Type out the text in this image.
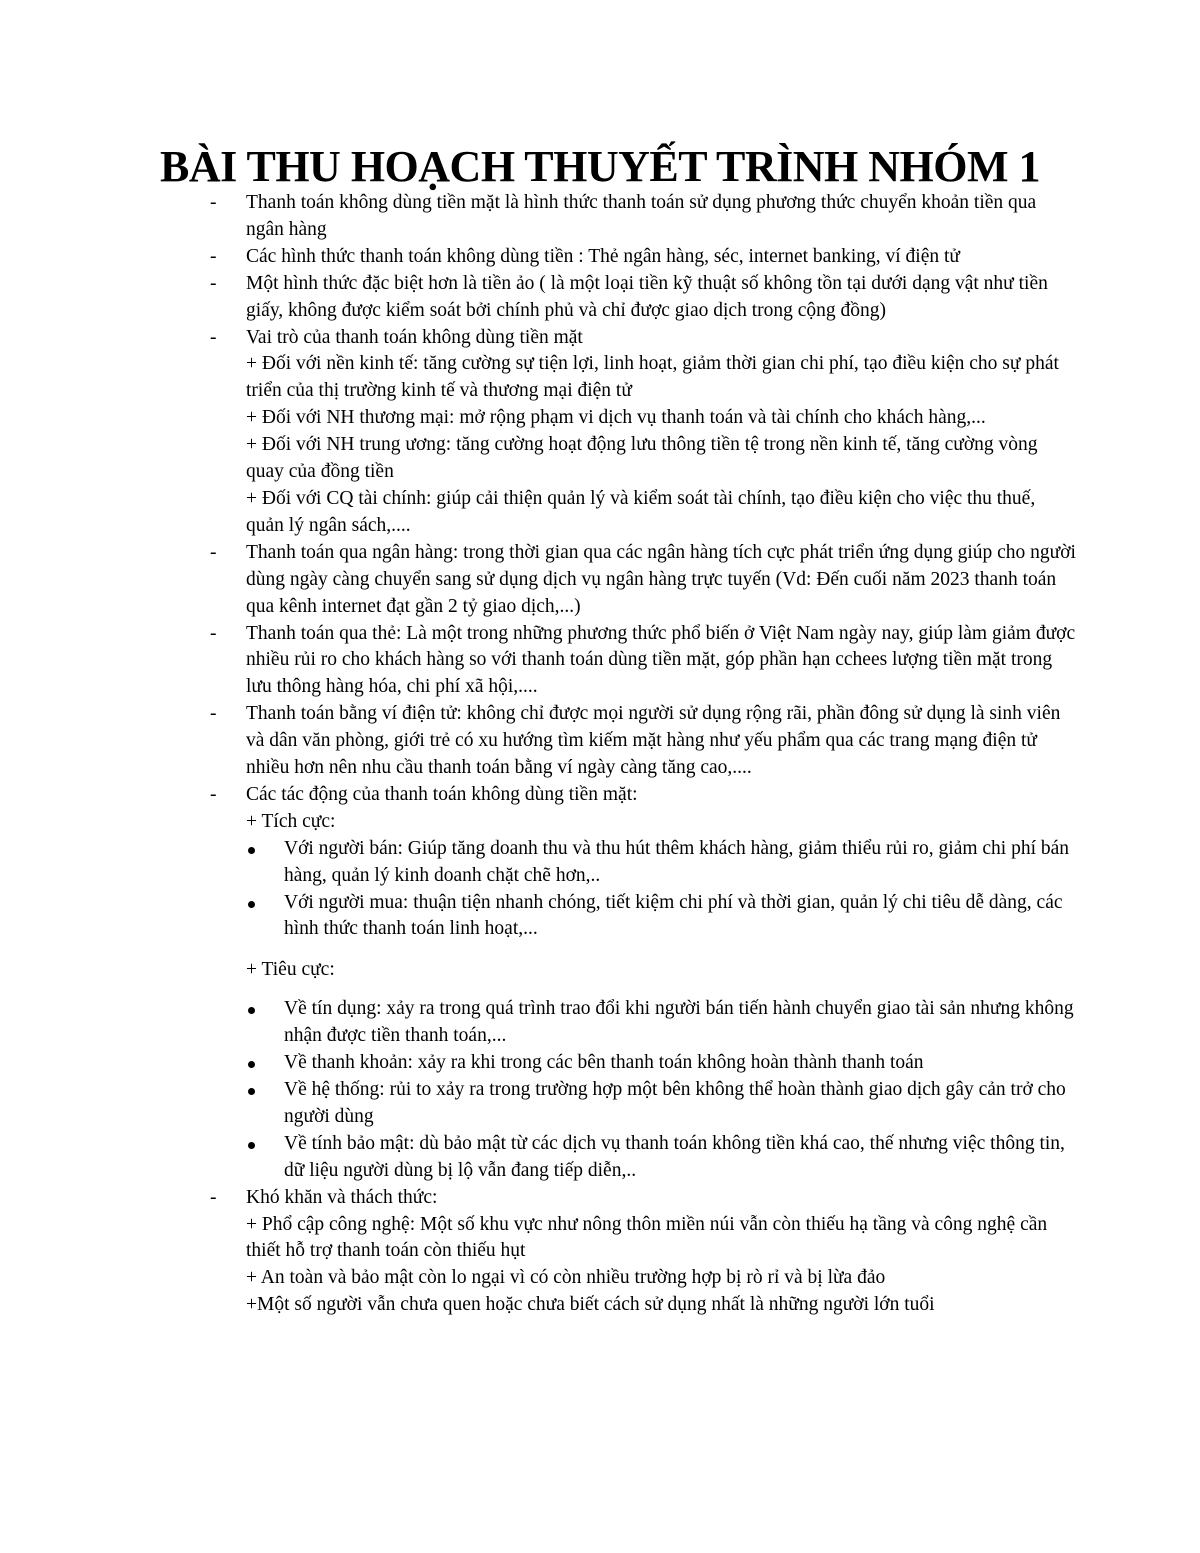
BÀI THU HOẠCH THUYẾT TRÌNH NHÓM 1
- Thanh toán không dùng tiền mặt là hình thức thanh toán sử dụng phương thức chuyển khoản tiền qua ngân hàng
- Các hình thức thanh toán không dùng tiền : Thẻ ngân hàng, séc, internet banking, ví điện tử
- Một hình thức đặc biệt hơn là tiền ảo ( là một loại tiền kỹ thuật số không tồn tại dưới dạng vật như tiền giấy, không được kiểm soát bởi chính phủ và chỉ được giao dịch trong cộng đồng)
- Vai trò của thanh toán không dùng tiền mặt
+ Đối với nền kinh tế: tăng cường sự tiện lợi, linh hoạt, giảm thời gian chi phí, tạo điều kiện cho sự phát triển của thị trường kinh tế và thương mại điện tử
+ Đối với NH thương mại: mở rộng phạm vi dịch vụ thanh toán và tài chính cho khách hàng,...
+ Đối với NH trung ương: tăng cường hoạt động lưu thông tiền tệ trong nền kinh tế, tăng cường vòng quay của đồng tiền
+ Đối với CQ tài chính: giúp cải thiện quản lý và kiểm soát tài chính, tạo điều kiện cho việc thu thuế, quản lý ngân sách,....
- Thanh toán qua ngân hàng: trong thời gian qua các ngân hàng tích cực phát triển ứng dụng giúp cho người dùng ngày càng chuyển sang sử dụng dịch vụ ngân hàng trực tuyến (Vd: Đến cuối năm 2023 thanh toán qua kênh internet đạt gần 2 tỷ giao dịch,...)
- Thanh toán qua thẻ: Là một trong những phương thức phổ biến ở Việt Nam ngày nay, giúp làm giảm được nhiều rủi ro cho khách hàng so với thanh toán dùng tiền mặt, góp phần hạn cchees lượng tiền mặt trong lưu thông hàng hóa, chi phí xã hội,....
- Thanh toán bằng ví điện tử: không chỉ được mọi người sử dụng rộng rãi, phần đông sử dụng là sinh viên và dân văn phòng, giới trẻ có xu hướng tìm kiếm mặt hàng như yếu phẩm qua các trang mạng điện tử nhiều hơn nên nhu cầu thanh toán bằng ví ngày càng tăng cao,....
- Các tác động của thanh toán không dùng tiền mặt:
+ Tích cực:
Với người bán: Giúp tăng doanh thu và thu hút thêm khách hàng, giảm thiểu rủi ro, giảm chi phí bán hàng, quản lý kinh doanh chặt chẽ hơn,..
Với người mua: thuận tiện nhanh chóng, tiết kiệm chi phí và thời gian, quản lý chi tiêu dễ dàng, các hình thức thanh toán linh hoạt,...
+ Tiêu cực:
Về tín dụng: xảy ra trong quá trình trao đổi khi người bán tiến hành chuyển giao tài sản nhưng không nhận được tiền thanh toán,...
Về thanh khoản: xảy ra khi trong các bên thanh toán không hoàn thành thanh toán
Về hệ thống: rủi to xảy ra trong trường hợp một bên không thể hoàn thành giao dịch gây cản trở cho người dùng
Về tính bảo mật: dù bảo mật từ các dịch vụ thanh toán không tiền khá cao, thế nhưng việc thông tin, dữ liệu người dùng bị lộ vẫn đang tiếp diễn,..
- Khó khăn và thách thức:
+ Phổ cập công nghệ: Một số khu vực như nông thôn miền núi vẫn còn thiếu hạ tầng và công nghệ cần thiết hỗ trợ thanh toán còn thiếu hụt
+ An toàn và bảo mật còn lo ngại vì có còn nhiều trường hợp bị rò rỉ và bị lừa đảo
+Một số người vẫn chưa quen hoặc chưa biết cách sử dụng nhất là những người lớn tuổi
